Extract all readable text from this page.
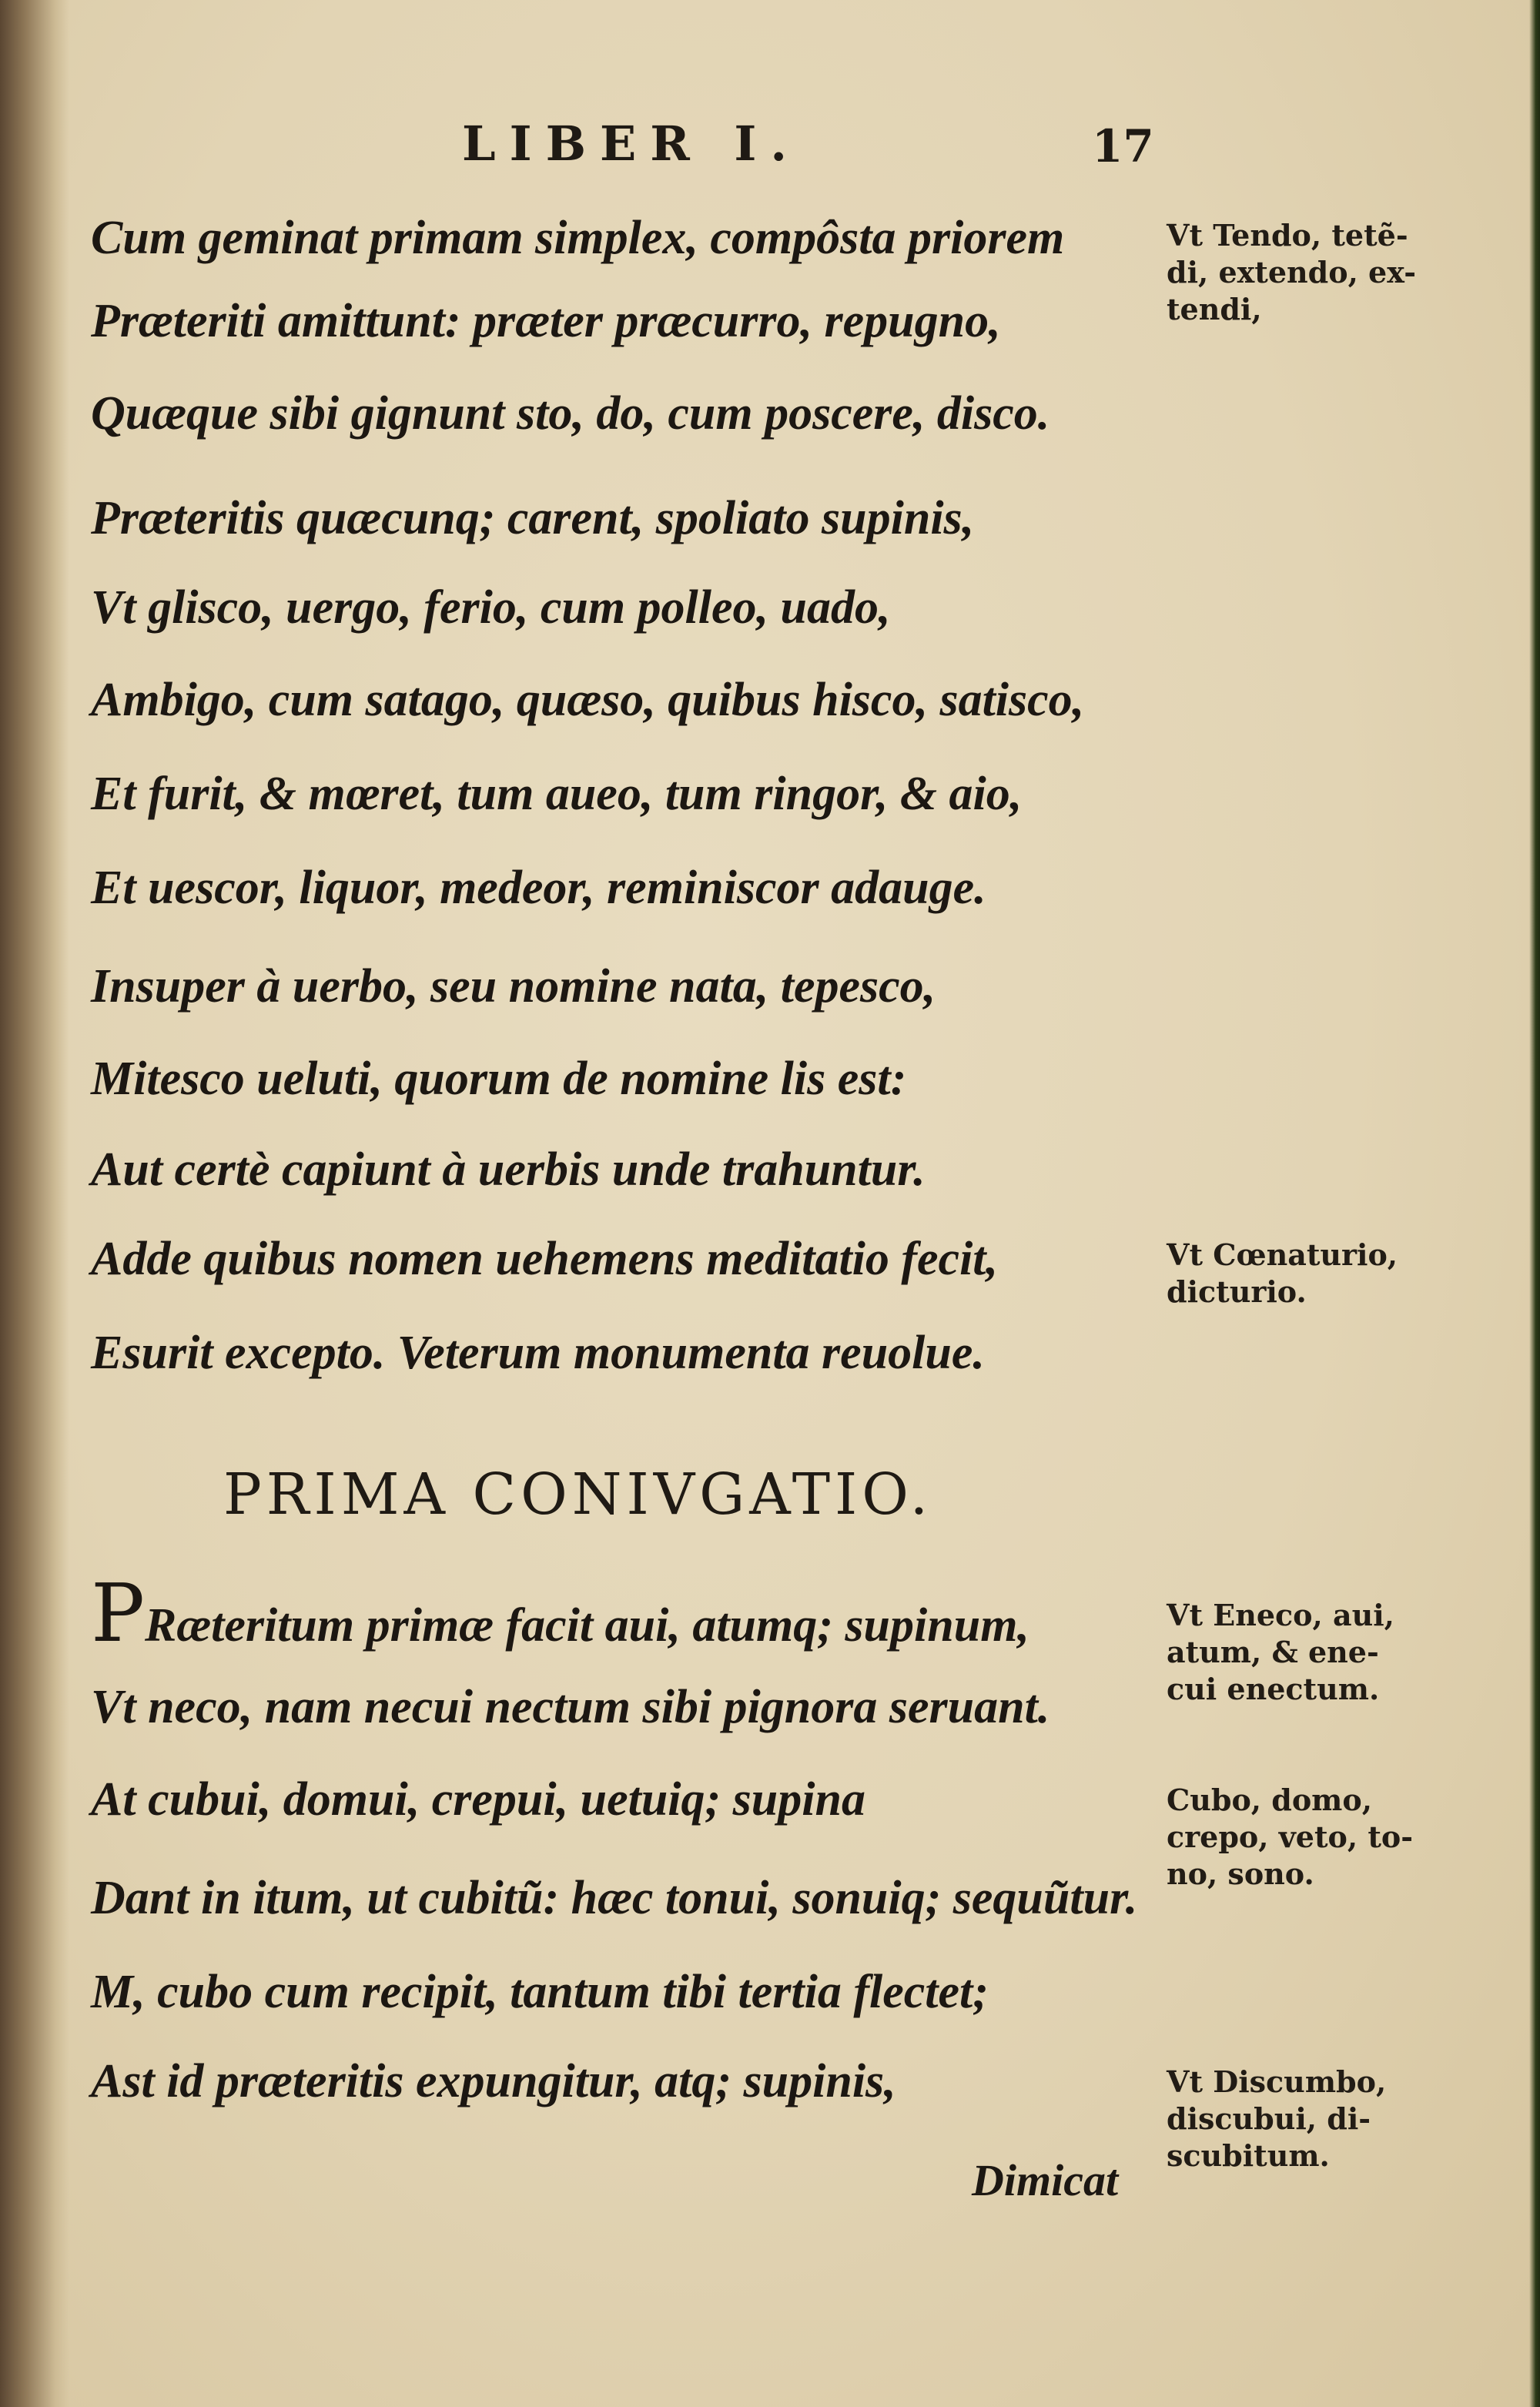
LIBER I.	17
Cum geminat primam simplex, compôsta priorem
Præteriti amittunt: præter præcurro, repugno,
Quæque sibi gignunt sto, do, cum poscere, disco.
Præteritis quæcunq; carent, spoliato supinis,
Vt glisco, uergo, ferio, cum polleo, uado,
Ambigo, cum satago, quæso, quibus hisco, satisco,
Et furit, & mœret, tum aueo, tum ringor, & aio,
Et uescor, liquor, medeor, reminiscor adauge.
Insuper à uerbo, seu nomine nata, tepesco,
Mitesco ueluti, quorum de nomine lis est:
Aut certè capiunt à uerbis unde trahuntur.
Adde quibus nomen uehemens meditatio fecit,
Esurit excepto. Veterum monumenta reuolue.
PRIMA CONIVGATIO.
PRæteritum primæ facit aui, atumq; supinum,
Vt neco, nam necui nectum sibi pignora seruant.
At cubui, domui, crepui, uetuiq; supina
Dant in itum, ut cubitũ: hæc tonui, sonuiq; sequũtur.
M, cubo cum recipit, tantum tibi tertia flectet;
Ast id præteritis expungitur, atq; supinis,
Dimicat
Vt Tendo, tetẽ-
di, extendo, ex-
tendi,
Vt Cœnaturio,
dicturio.
Vt Eneco, aui,
atum, & ene-
cui enectum.
Cubo, domo,
crepo, veto, to-
no, sono.
Vt Discumbo,
discubui, di-
scubitum.
